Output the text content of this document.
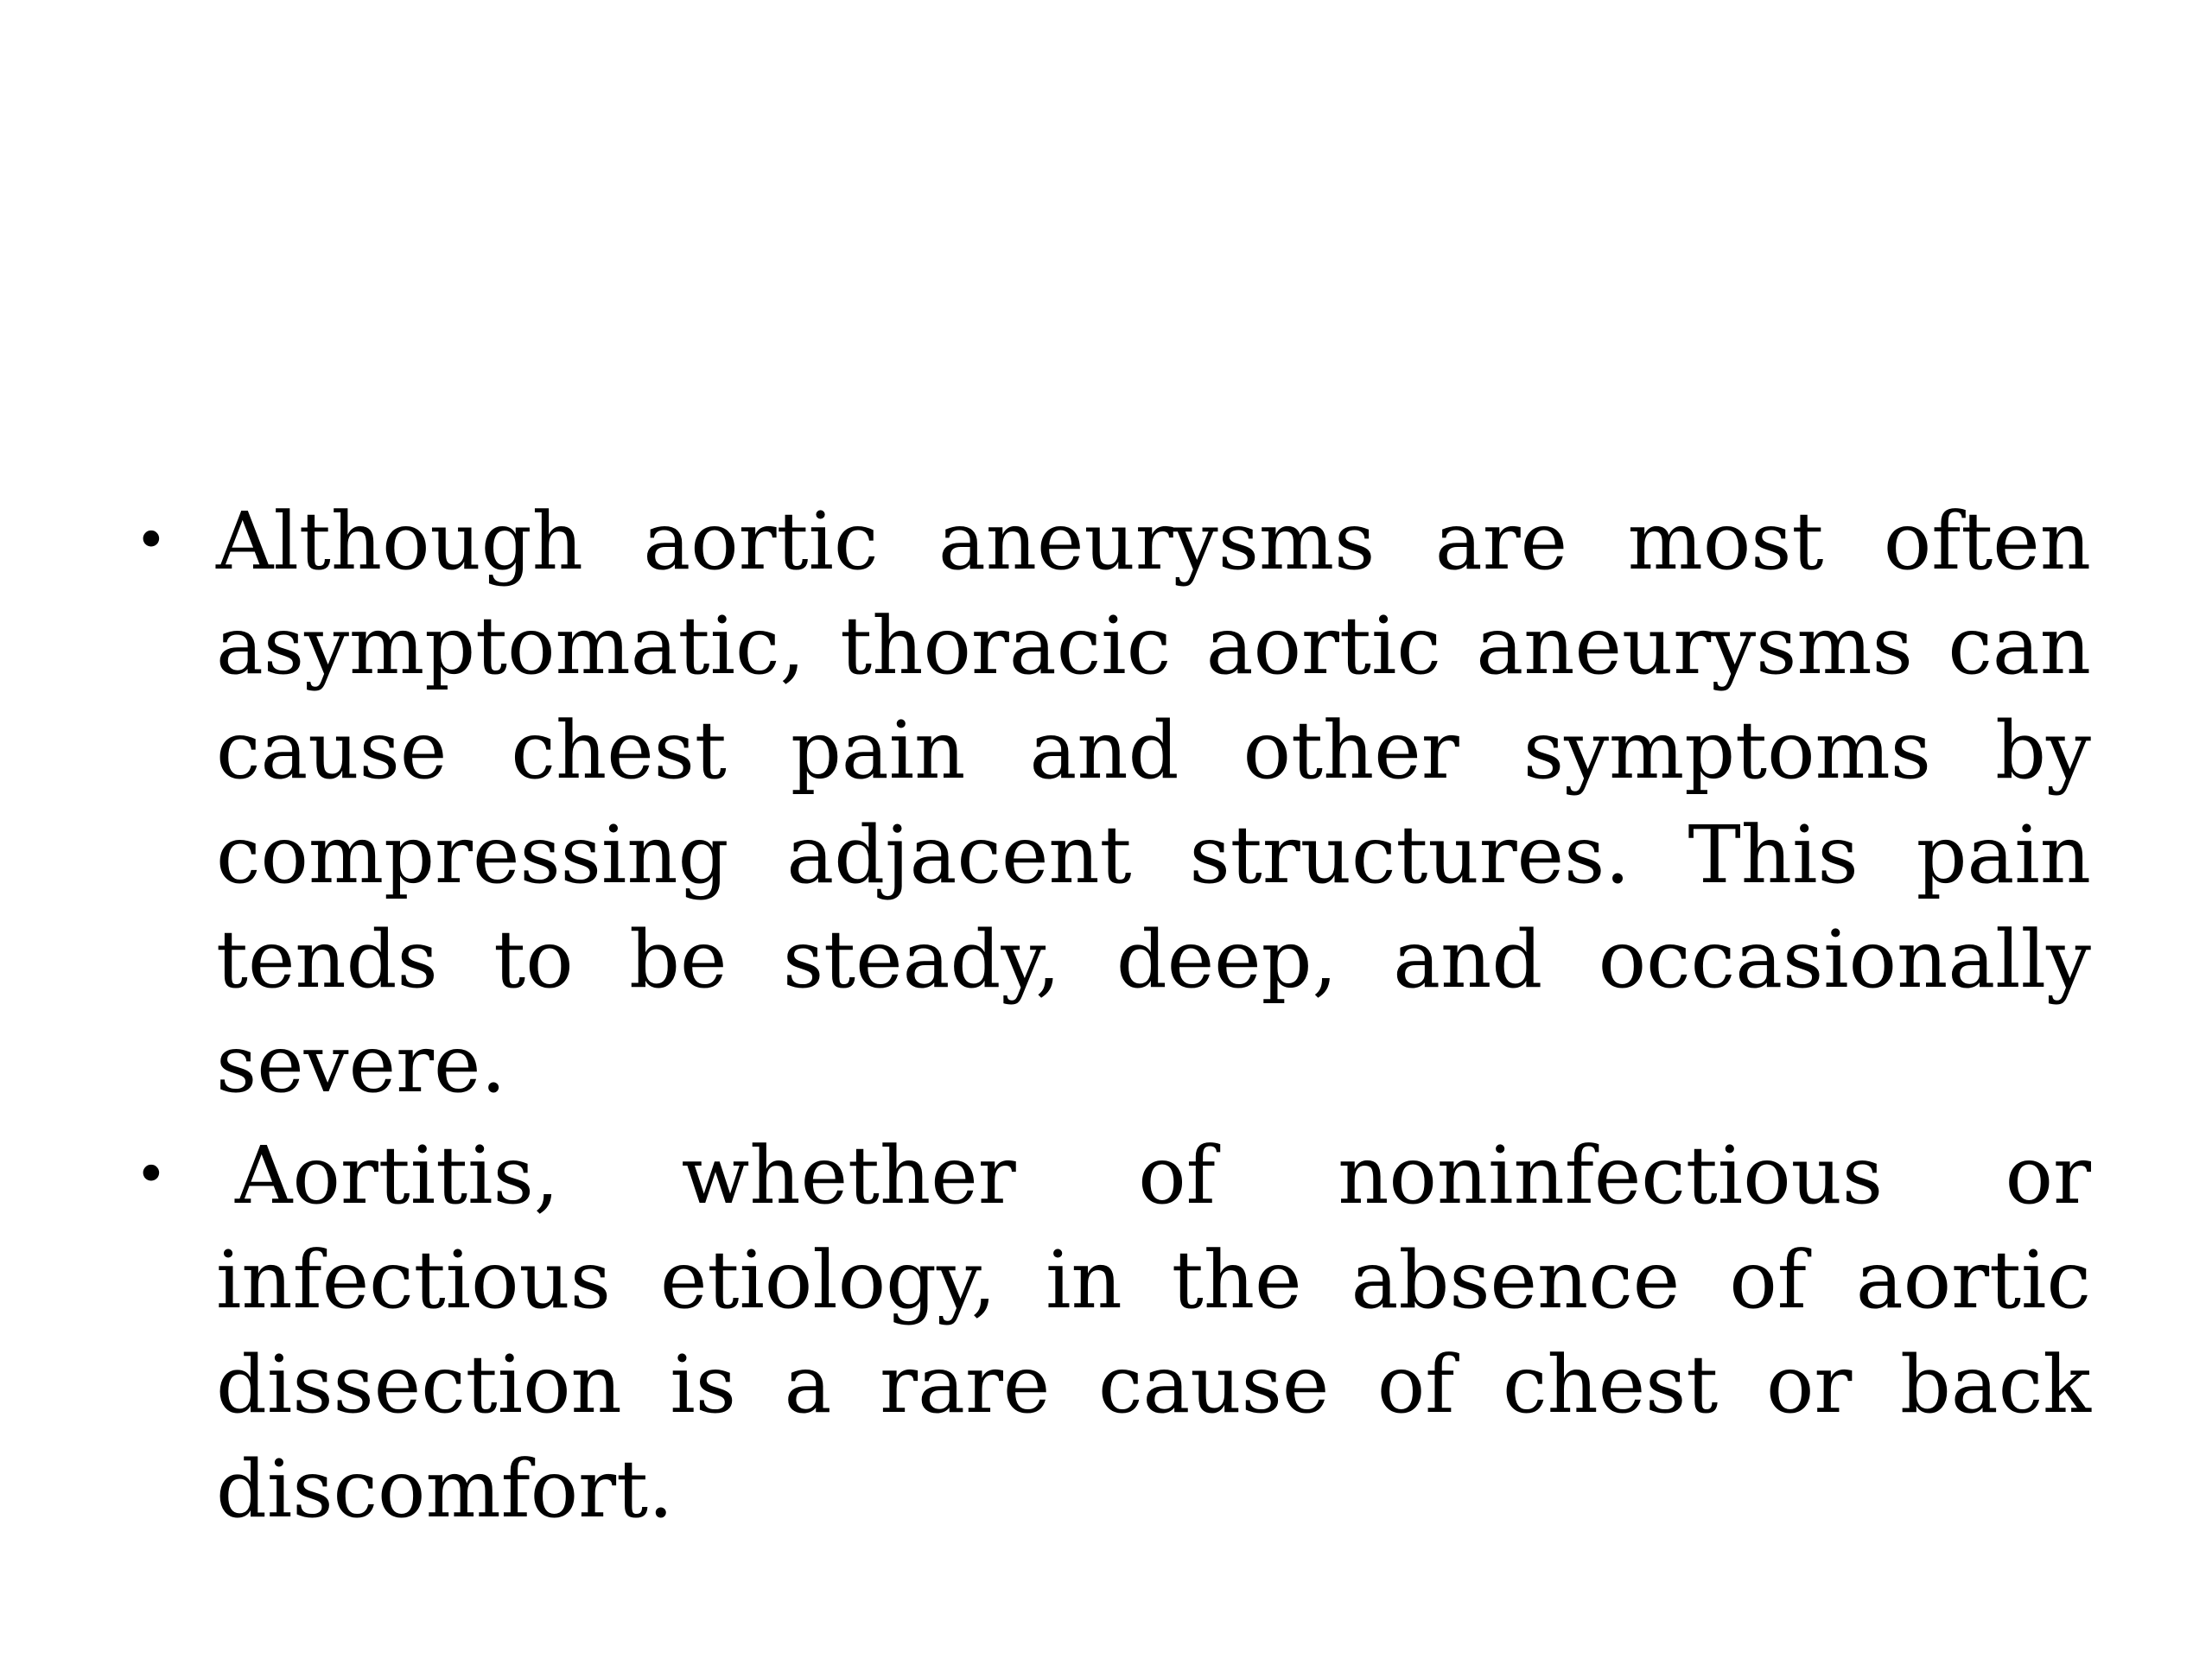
• Although aortic aneurysms are most often asymptomatic, thoracic aortic aneurysms can cause chest pain and other symptoms by compressing adjacent structures. This pain tends to be steady, deep, and occasionally severe.
• Aortitis, whether of noninfectious or infectious etiology, in the absence of aortic dissection is a rare cause of chest or back discomfort.
